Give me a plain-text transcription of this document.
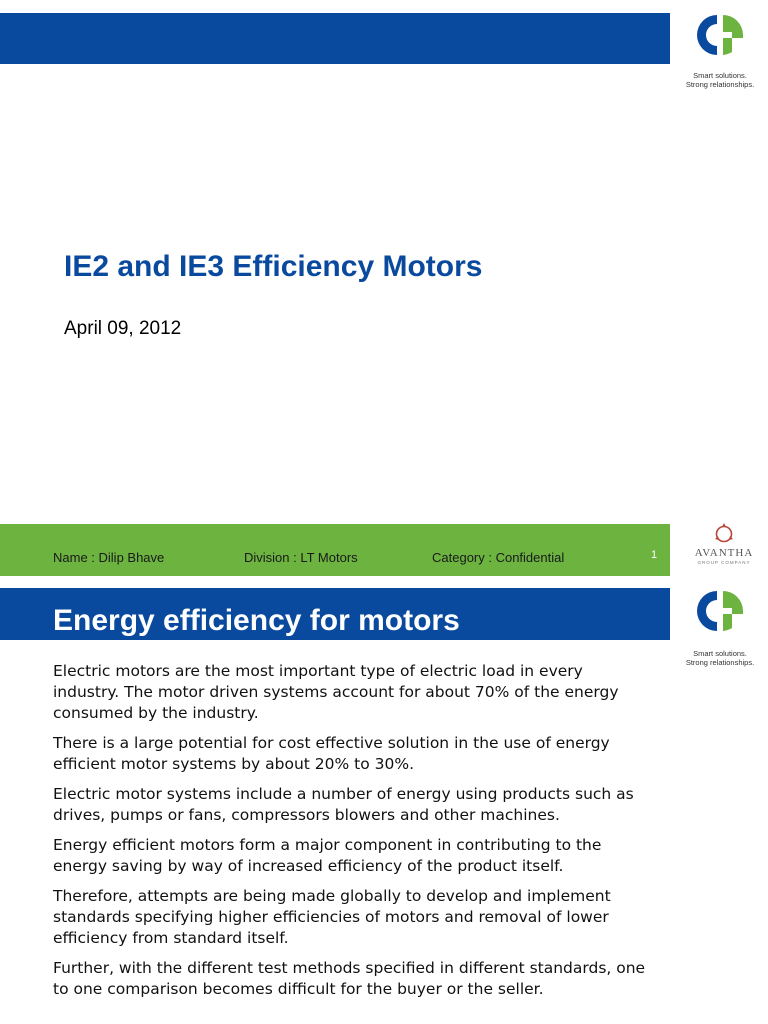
Smart solutions.
Strong relationships.
IE2 and IE3 Efficiency Motors
April 09, 2012
Name : Dilip Bhave	Division : LT Motors	Category : Confidential	1	AVANTHA
GROUP COMPANY
Energy efficiency for motors
Smart solutions.
Strong relationships.

Electric motors are the most important type of electric load in every industry. The motor driven systems account for about 70% of the energy consumed by the industry.

There is a large potential for cost effective solution in the use of energy efficient motor systems by about 20% to 30%.

Electric motor systems include a number of energy using products such as drives, pumps or fans, compressors blowers and other machines.

Energy efficient motors form a major component in contributing to the energy saving by way of increased efficiency of the product itself.

Therefore, attempts are being made globally to develop and implement standards specifying higher efficiencies of motors and removal of lower efficiency from standard itself.

Further, with the different test methods specified in different standards, one to one comparison becomes difficult for the buyer or the seller.
